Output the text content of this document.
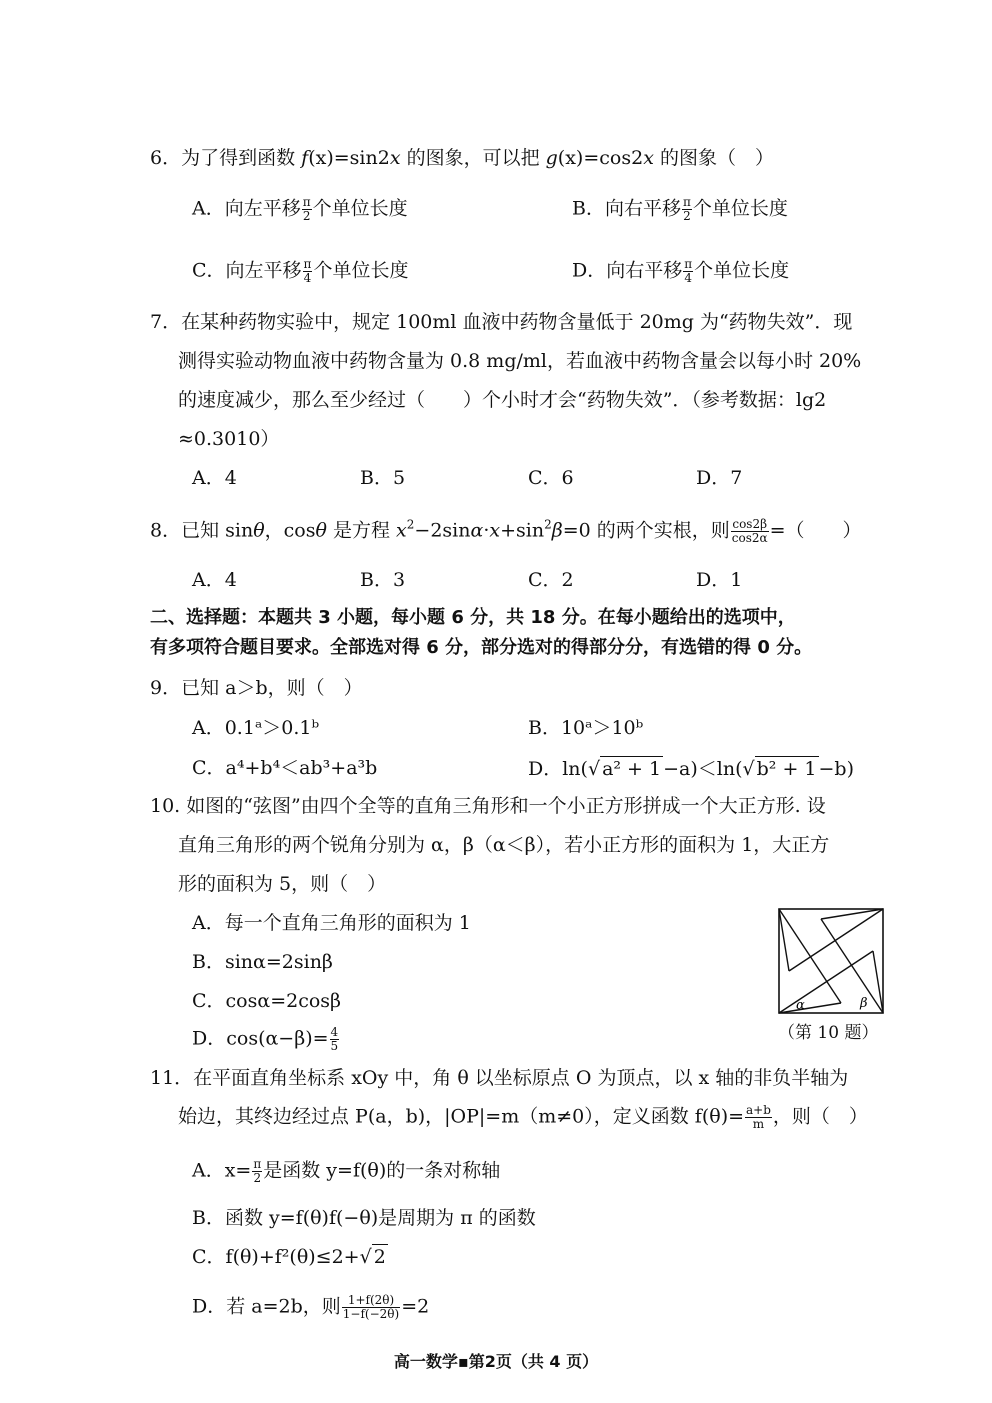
6．为了得到函数 f(x)=sin2x 的图象，可以把 g(x)=cos2x 的图象（　）
A．向左平移 $\frac{\pi}{2}$ 个单位长度	B．向右平移 $\frac{\pi}{2}$ 个单位长度
C．向左平移 $\frac{\pi}{4}$ 个单位长度	D．向右平移 $\frac{\pi}{4}$ 个单位长度
7．在某种药物实验中，规定 100ml 血液中药物含量低于 20mg 为“药物失效”．现
测得实验动物血液中药物含量为 0.8 mg/ml，若血液中药物含量会以每小时 20%
的速度减少，那么至少经过（　　）个小时才会“药物失效”．（参考数据：lg2
≈0.3010）
A．4	B．5	C．6	D．7
8．已知 sinθ，cosθ 是方程 $x^2-2\sin\alpha\cdot x+\sin^2\beta=0$ 的两个实根，则 $\frac{\cos 2\beta}{\cos 2\alpha}$ =（　　）
A．4	B．3	C．2	D．1
二、选择题：本题共 3 小题，每小题 6 分，共 18 分。在每小题给出的选项中，
有多项符合题目要求。全部选对得 6 分，部分选对的得部分分，有选错的得 0 分。
9．已知 a＞b，则（　）
A．0.1ᵃ＞0.1ᵇ	B．10ᵃ＞10ᵇ
C．a⁴+b⁴＜ab³+a³b	D．ln(√ a² + 1 −a)＜ln(√ b² + 1 −b)
10. 如图的“弦图”由四个全等的直角三角形和一个小正方形拼成一个大正方形. 设
直角三角形的两个锐角分别为 α，β（α＜β），若小正方形的面积为 1，大正方
形的面积为 5，则（　）
A．每一个直角三角形的面积为 1
B．sinα=2sinβ
C．cosα=2cosβ
D．$\cos(\alpha-\beta)= \frac{4}{5}$
α	β
（第 10 题）
11．在平面直角坐标系 xOy 中，角 θ 以坐标原点 O 为顶点，以 x 轴的非负半轴为
始边，其终边经过点 P(a，b)，|OP|=m（m≠0），定义函数 $f(\theta)= \frac{a+b}{m}$ ，则（　）
A．$x= \frac{\pi}{2}$ 是函数 y=f(θ)的一条对称轴
B．函数 y=f(θ)f(−θ)是周期为 π 的函数
C．f(θ)+f²(θ)≤2+√ 2
D．若 a=2b，则 $\frac{1+f(2\theta)}{1-f(-2\theta)} =2$
高一数学▪第2页（共 4 页）
